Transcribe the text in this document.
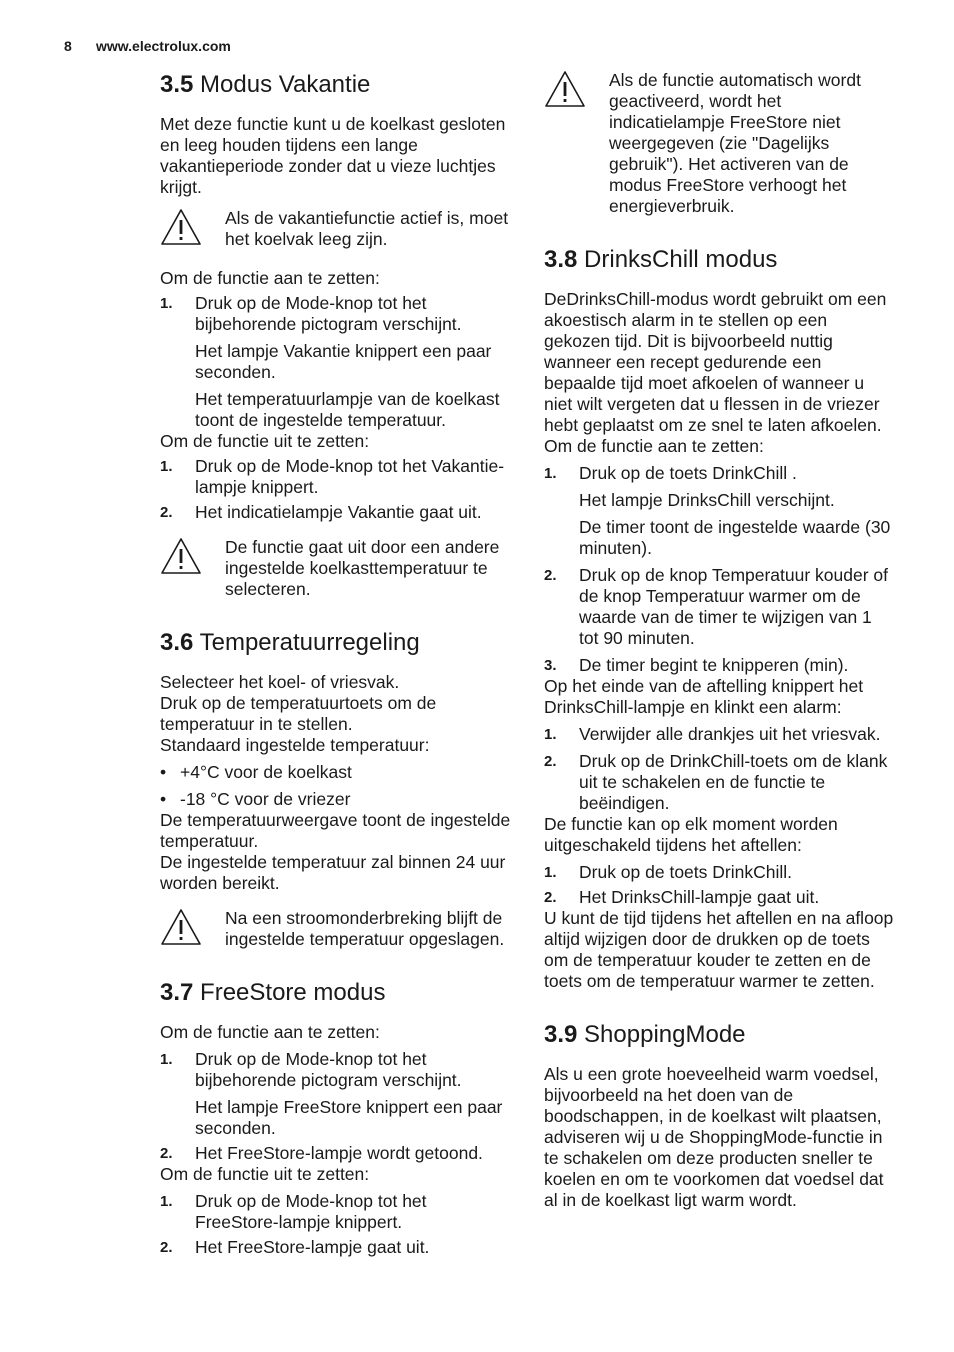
8 www.electrolux.com
3.5 Modus Vakantie

Met deze functie kunt u de koelkast gesloten en leeg houden tijdens een lange vakantieperiode zonder dat u vieze luchtjes krijgt.

Als de vakantiefunctie actief is, moet het koelvak leeg zijn.

Om de functie aan te zetten:

1. Druk op de Mode-knop tot het bijbehorende pictogram verschijnt.
Het lampje Vakantie knippert een paar seconden.
Het temperatuurlampje van de koelkast toont de ingestelde temperatuur.

Om de functie uit te zetten:

1. Druk op de Mode-knop tot het Vakantie-lampje knippert.
2. Het indicatielampje Vakantie gaat uit.
De functie gaat uit door een andere ingestelde koelkasttemperatuur te selecteren.
3.6 Temperatuurregeling

Selecteer het koel- of vriesvak.

Druk op de temperatuurtoets om de temperatuur in te stellen.

Standaard ingestelde temperatuur:

• +4°C voor de koelkast
• -18 °C voor de vriezer

De temperatuurweergave toont de ingestelde temperatuur.

De ingestelde temperatuur zal binnen 24 uur worden bereikt.

Na een stroomonderbreking blijft de ingestelde temperatuur opgeslagen.
3.7 FreeStore modus

Om de functie aan te zetten:

1. Druk op de Mode-knop tot het bijbehorende pictogram verschijnt.
Het lampje FreeStore knippert een paar seconden.
2. Het FreeStore-lampje wordt getoond.

Om de functie uit te zetten:

1. Druk op de Mode-knop tot het FreeStore-lampje knippert.
2. Het FreeStore-lampje gaat uit.
Als de functie automatisch wordt geactiveerd, wordt het indicatielampje FreeStore niet weergegeven (zie "Dagelijks gebruik"). Het activeren van de modus FreeStore verhoogt het energieverbruik.
3.8 DrinksChill modus

DeDrinksChill-modus wordt gebruikt om een akoestisch alarm in te stellen op een gekozen tijd. Dit is bijvoorbeeld nuttig wanneer een recept gedurende een bepaalde tijd moet afkoelen of wanneer u niet wilt vergeten dat u flessen in de vriezer hebt geplaatst om ze snel te laten afkoelen.

Om de functie aan te zetten:

1. Druk op de toets DrinkChill .
Het lampje DrinksChill verschijnt.
De timer toont de ingestelde waarde (30 minuten).
2. Druk op de knop Temperatuur kouder of de knop Temperatuur warmer om de waarde van de timer te wijzigen van 1 tot 90 minuten.
3. De timer begint te knipperen (min).

Op het einde van de aftelling knippert het DrinksChill-lampje en klinkt een alarm:

1. Verwijder alle drankjes uit het vriesvak.
2. Druk op de DrinkChill-toets om de klank uit te schakelen en de functie te beëindigen.

De functie kan op elk moment worden uitgeschakeld tijdens het aftellen:

1. Druk op de toets DrinkChill.
2. Het DrinksChill-lampje gaat uit.

U kunt de tijd tijdens het aftellen en na afloop altijd wijzigen door de drukken op de toets om de temperatuur kouder te zetten en de toets om de temperatuur warmer te zetten.

3.9 ShoppingMode

Als u een grote hoeveelheid warm voedsel, bijvoorbeeld na het doen van de boodschappen, in de koelkast wilt plaatsen, adviseren wij u de ShoppingMode-functie in te schakelen om deze producten sneller te koelen en om te voorkomen dat voedsel dat al in de koelkast ligt warm wordt.
